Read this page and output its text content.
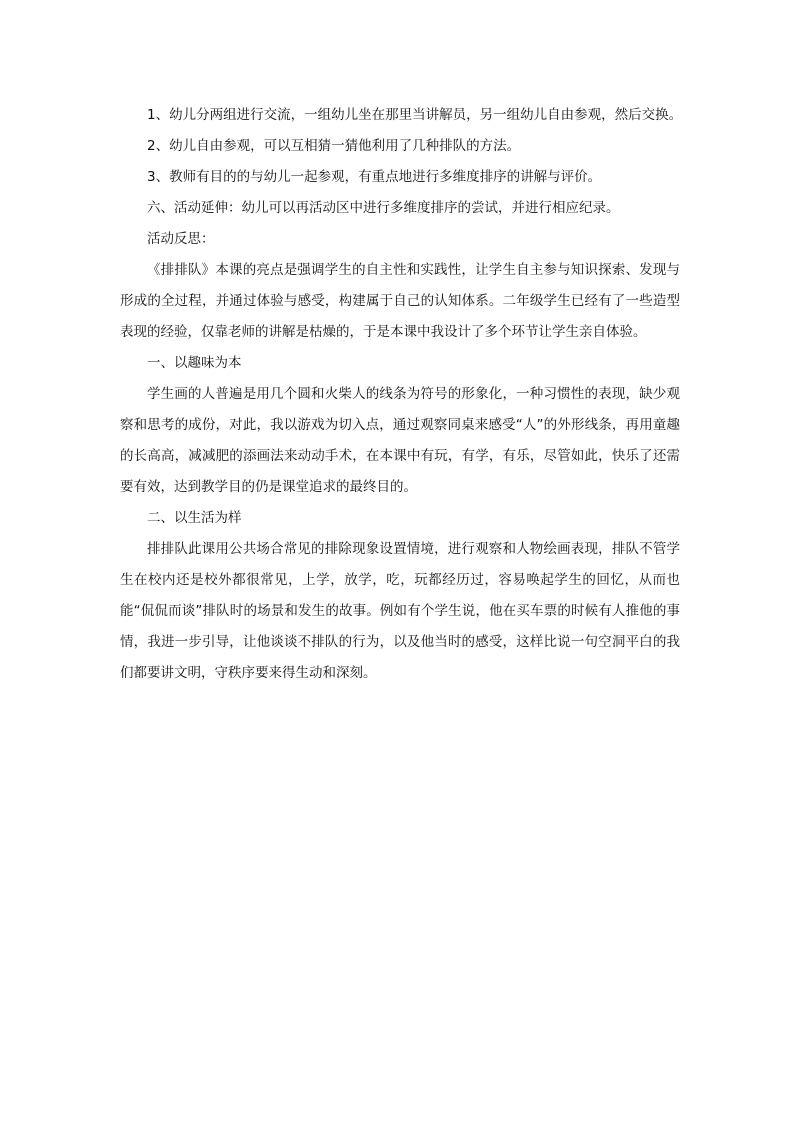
1、幼儿分两组进行交流，一组幼儿坐在那里当讲解员，另一组幼儿自由参观，然后交换。

2、幼儿自由参观，可以互相猜一猜他利用了几种排队的方法。

3、教师有目的的与幼儿一起参观，有重点地进行多维度排序的讲解与评价。

六、活动延伸：幼儿可以再活动区中进行多维度排序的尝试，并进行相应纪录。

活动反思：

《排排队》本课的亮点是强调学生的自主性和实践性，让学生自主参与知识探索、发现与形成的全过程，并通过体验与感受，构建属于自己的认知体系。二年级学生已经有了一些造型表现的经验，仅靠老师的讲解是枯燥的，于是本课中我设计了多个环节让学生亲自体验。

一、以趣味为本

学生画的人普遍是用几个圆和火柴人的线条为符号的形象化，一种习惯性的表现，缺少观察和思考的成份，对此，我以游戏为切入点，通过观察同桌来感受“人”的外形线条，再用童趣的长高高，减减肥的添画法来动动手术，在本课中有玩，有学，有乐，尽管如此，快乐了还需要有效，达到教学目的仍是课堂追求的最终目的。

二、以生活为样

排排队此课用公共场合常见的排除现象设置情境，进行观察和人物绘画表现，排队不管学生在校内还是校外都很常见，上学，放学，吃，玩都经历过，容易唤起学生的回忆，从而也能“侃侃而谈”排队时的场景和发生的故事。例如有个学生说，他在买车票的时候有人推他的事情，我进一步引导，让他谈谈不排队的行为，以及他当时的感受，这样比说一句空洞平白的我们都要讲文明，守秩序要来得生动和深刻。
